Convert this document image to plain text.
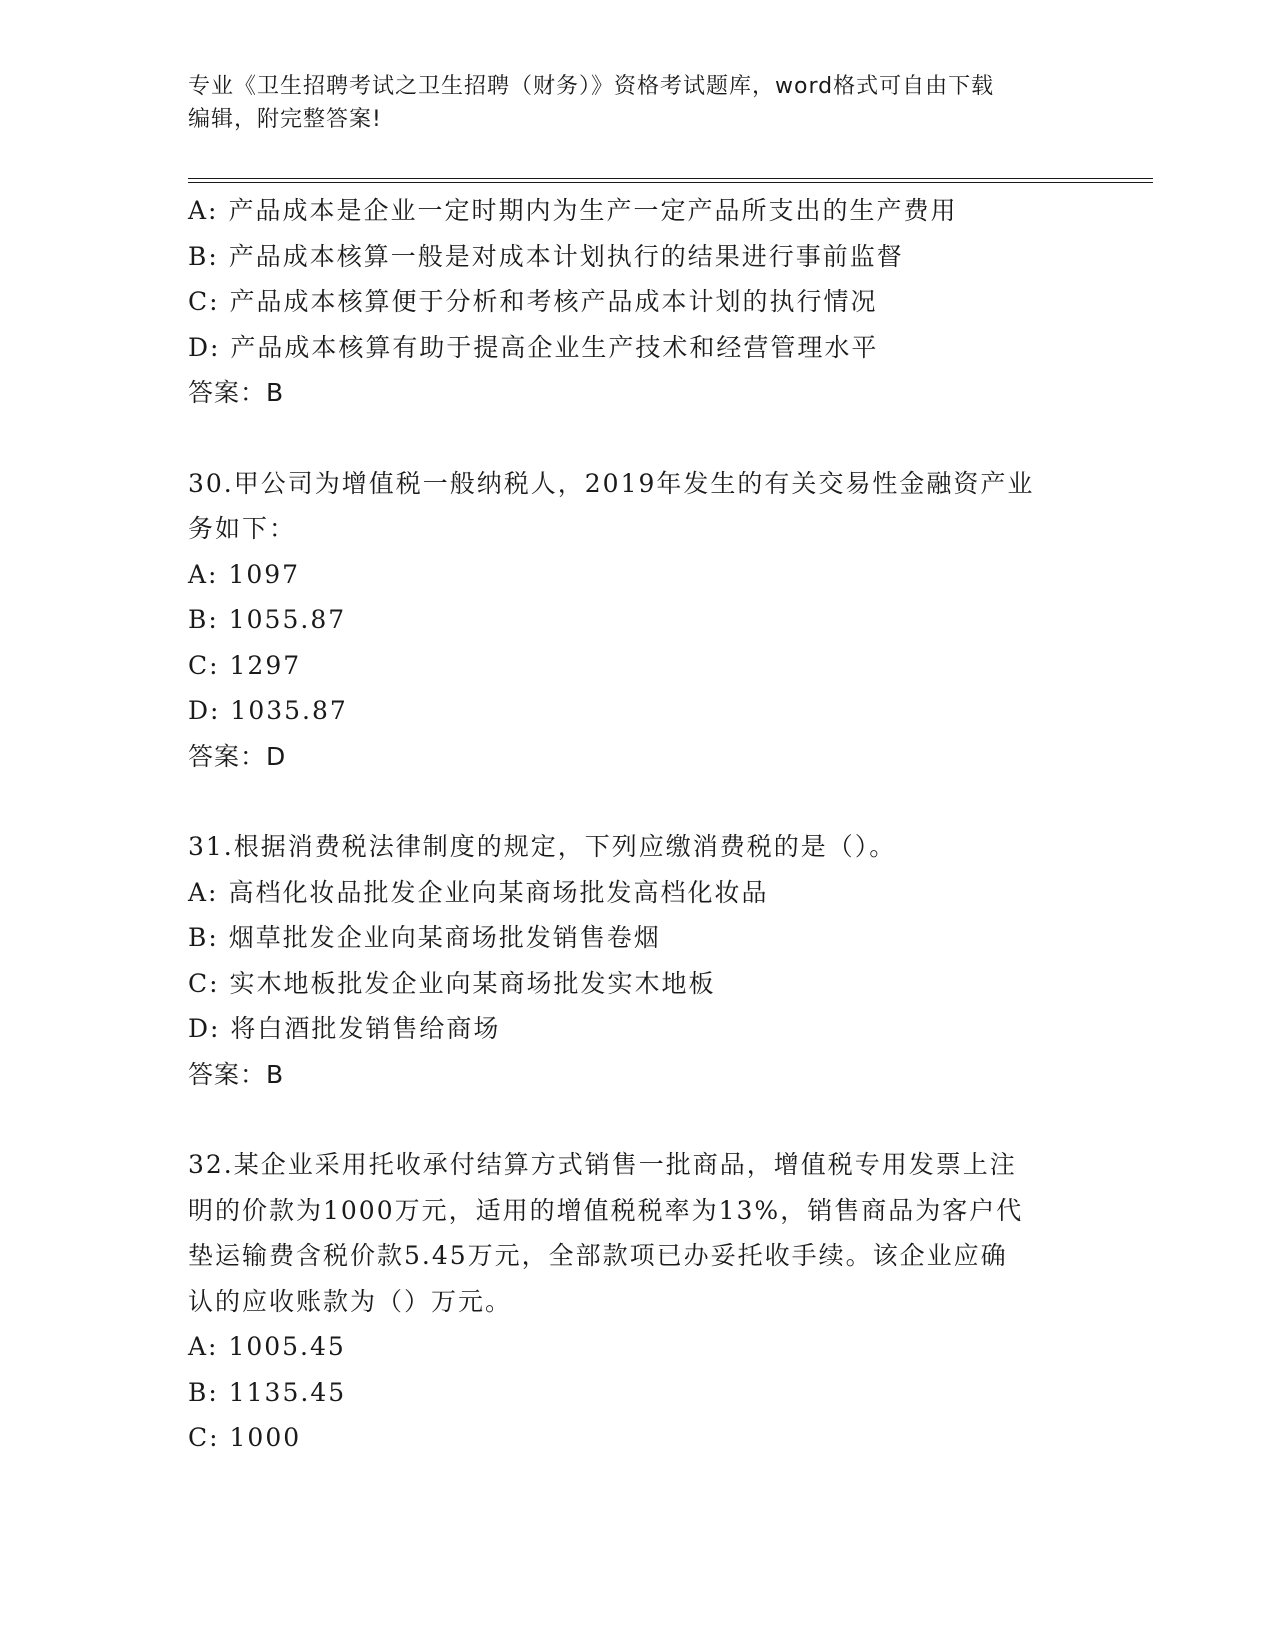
专业《卫生招聘考试之卫生招聘（财务）》资格考试题库，word格式可自由下载
编辑，附完整答案!
A: 产品成本是企业一定时期内为生产一定产品所支出的生产费用
B: 产品成本核算一般是对成本计划执行的结果进行事前监督
C: 产品成本核算便于分析和考核产品成本计划的执行情况
D: 产品成本核算有助于提高企业生产技术和经营管理水平
答案：B
30.甲公司为增值税一般纳税人，2019年发生的有关交易性金融资产业
务如下：
A: 1097
B: 1055.87
C: 1297
D: 1035.87
答案：D
31.根据消费税法律制度的规定，下列应缴消费税的是（）。
A: 高档化妆品批发企业向某商场批发高档化妆品
B: 烟草批发企业向某商场批发销售卷烟
C: 实木地板批发企业向某商场批发实木地板
D: 将白酒批发销售给商场
答案：B
32.某企业采用托收承付结算方式销售一批商品，增值税专用发票上注
明的价款为1000万元，适用的增值税税率为13%，销售商品为客户代
垫运输费含税价款5.45万元，全部款项已办妥托收手续。该企业应确
认的应收账款为（）万元。
A: 1005.45
B: 1135.45
C: 1000
